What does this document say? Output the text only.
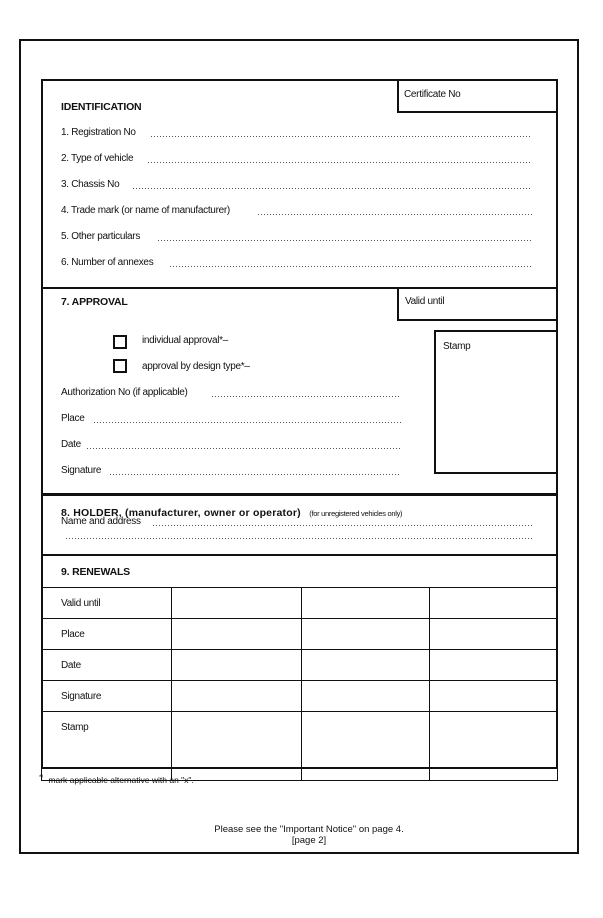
IDENTIFICATION
Certificate No
1. Registration No
2. Type of vehicle
3. Chassis No
4. Trade mark (or name of manufacturer)
5. Other particulars
6. Number of annexes
7. APPROVAL	Valid until
Stamp
individual approval*–
approval by design type*–
Authorization No (if applicable)
Place
Date
Signature
8. HOLDER, (manufacturer, owner or operator) (for unregistered vehicles only)
Name and address
9. RENEWALS
Valid until			
Place			
Date			
Signature			
Stamp			
*/ mark applicable alternative with an "x".
Please see the "Important Notice" on page 4.
[page 2]
